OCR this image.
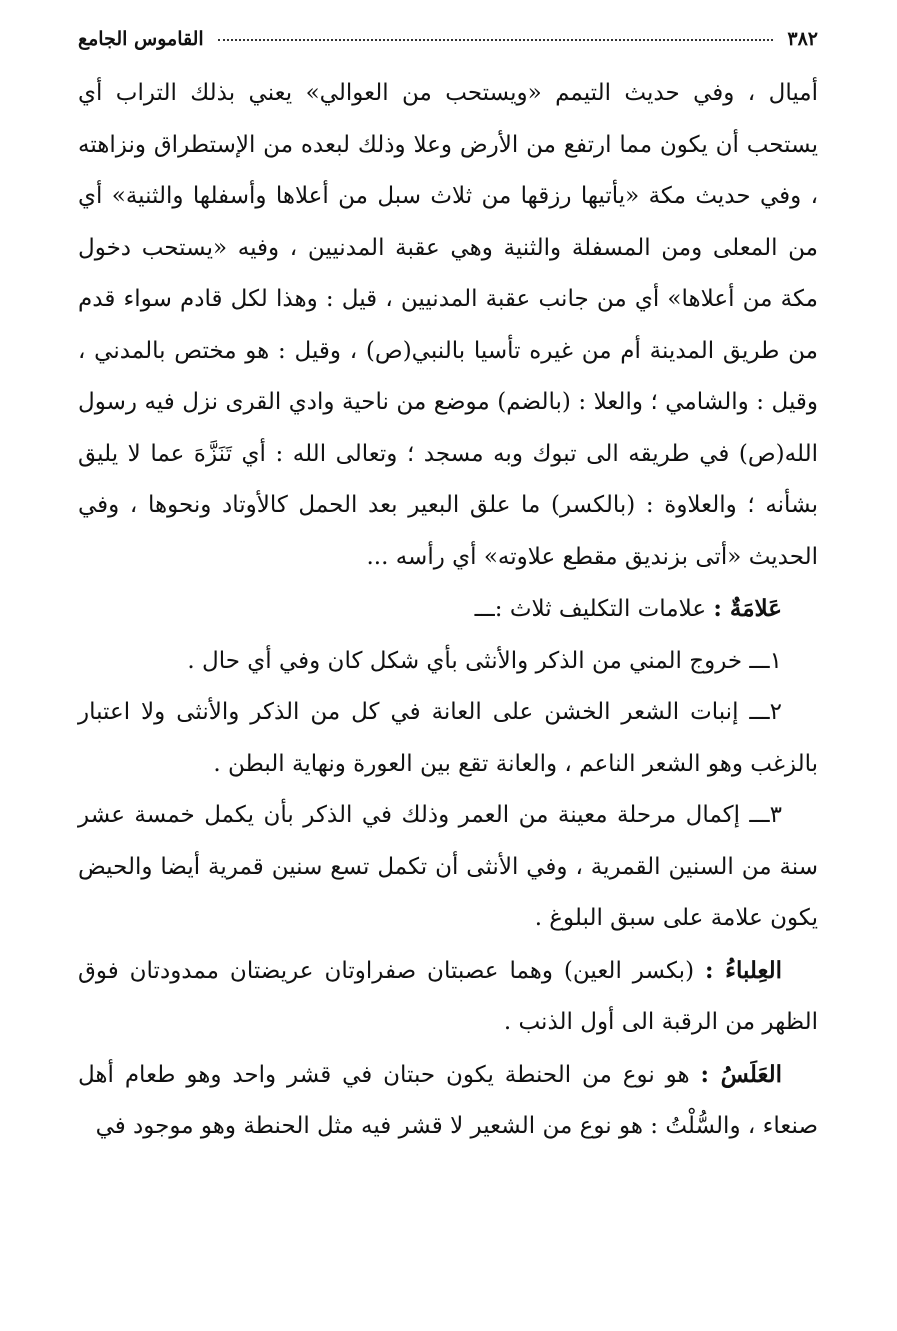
٣٨٢
القاموس الجامع

أميال ، وفي حديث التيمم «ويستحب من العوالي» يعني بذلك التراب أي يستحب أن يكون مما ارتفع من الأرض وعلا وذلك لبعده من الإستطراق ونزاهته ، وفي حديث مكة «يأتيها رزقها من ثلاث سبل من أعلاها وأسفلها والثنية» أي من المعلى ومن المسفلة والثنية وهي عقبة المدنيين ، وفيه «يستحب دخول مكة من أعلاها» أي من جانب عقبة المدنيين ، قيل : وهذا لكل قادم سواء قدم من طريق المدينة أم من غيره تأسيا بالنبي(ص) ، وقيل : هو مختص بالمدني ، وقيل : والشامي ؛ والعلا : (بالضم) موضع من ناحية وادي القرى نزل فيه رسول الله(ص) في طريقه الى تبوك وبه مسجد ؛ وتعالى الله : أي تَنَزَّهَ عما لا يليق بشأنه ؛ والعلاوة : (بالكسر) ما علق البعير بعد الحمل كالأوتاد ونحوها ، وفي الحديث «أتى بزنديق مقطع علاوته» أي رأسه ...

عَلامَةٌ : علامات التكليف ثلاث :ـــ

١ـــ خروج المني من الذكر والأنثى بأي شكل كان وفي أي حال .

٢ـــ إنبات الشعر الخشن على العانة في كل من الذكر والأنثى ولا اعتبار بالزغب وهو الشعر الناعم ، والعانة تقع بين العورة ونهاية البطن .

٣ـــ إكمال مرحلة معينة من العمر وذلك في الذكر بأن يكمل خمسة عشر سنة من السنين القمرية ، وفي الأنثى أن تكمل تسع سنين قمرية أيضا والحيض يكون علامة على سبق البلوغ .

العِلباءُ : (بكسر العين) وهما عصبتان صفراوتان عريضتان ممدودتان فوق الظهر من الرقبة الى أول الذنب .

العَلَسُ : هو نوع من الحنطة يكون حبتان في قشر واحد وهو طعام أهل صنعاء ، والسُّلْتُ : هو نوع من الشعير لا قشر فيه مثل الحنطة وهو موجود في
